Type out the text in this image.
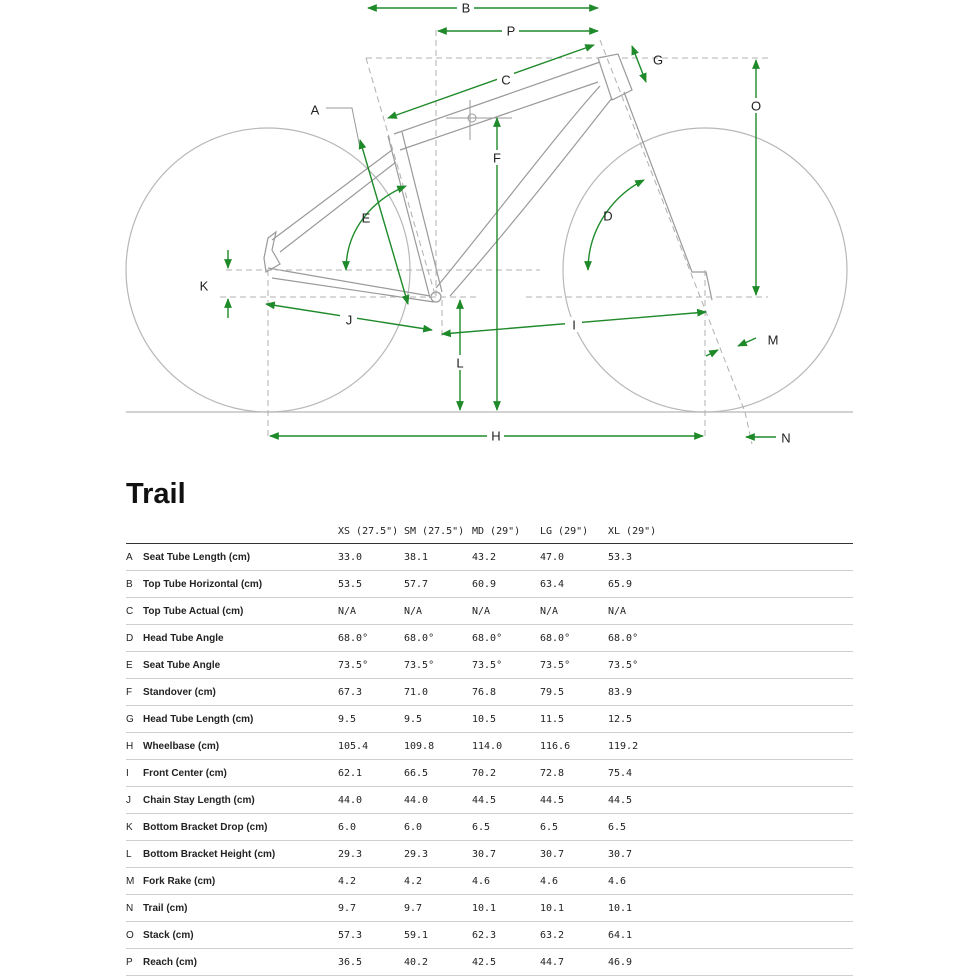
B
P
C
G
O
A
F
E	D
K
J	I
L
M
H	N
Trail
		XS (27.5")	SM (27.5")	MD (29")	LG (29")	XL (29")
A	Seat Tube Length (cm)	33.0	38.1	43.2	47.0	53.3
B	Top Tube Horizontal (cm)	53.5	57.7	60.9	63.4	65.9
C	Top Tube Actual (cm)	N/A	N/A	N/A	N/A	N/A
D	Head Tube Angle	68.0°	68.0°	68.0°	68.0°	68.0°
E	Seat Tube Angle	73.5°	73.5°	73.5°	73.5°	73.5°
F	Standover (cm)	67.3	71.0	76.8	79.5	83.9
G	Head Tube Length (cm)	9.5	9.5	10.5	11.5	12.5
H	Wheelbase (cm)	105.4	109.8	114.0	116.6	119.2
I	Front Center (cm)	62.1	66.5	70.2	72.8	75.4
J	Chain Stay Length (cm)	44.0	44.0	44.5	44.5	44.5
K	Bottom Bracket Drop (cm)	6.0	6.0	6.5	6.5	6.5
L	Bottom Bracket Height (cm)	29.3	29.3	30.7	30.7	30.7
M	Fork Rake (cm)	4.2	4.2	4.6	4.6	4.6
N	Trail (cm)	9.7	9.7	10.1	10.1	10.1
O	Stack (cm)	57.3	59.1	62.3	63.2	64.1
P	Reach (cm)	36.5	40.2	42.5	44.7	46.9
